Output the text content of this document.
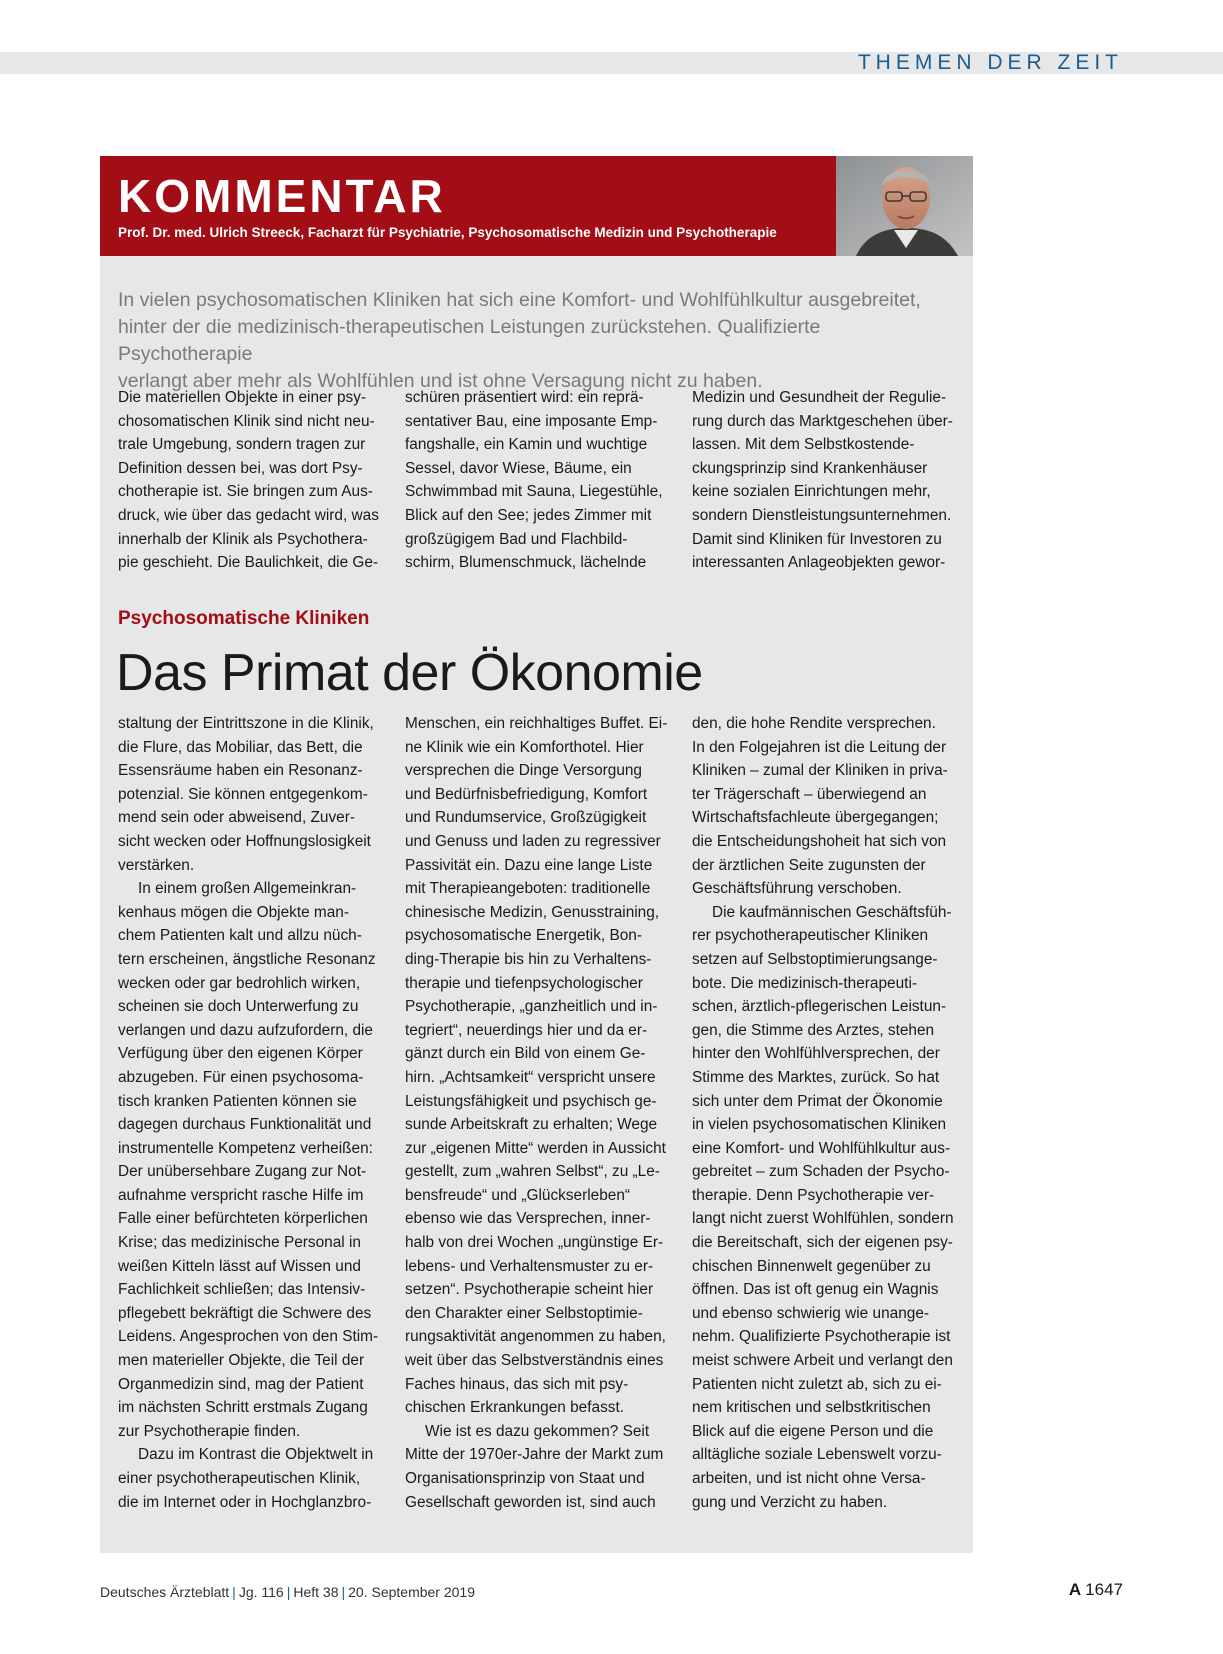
THEMEN DER ZEIT
KOMMENTAR
Prof. Dr. med. Ulrich Streeck, Facharzt für Psychiatrie, Psychosomatische Medizin und Psychotherapie
In vielen psychosomatischen Kliniken hat sich eine Komfort- und Wohlfühlkultur ausgebreitet,
hinter der die medizinisch-therapeutischen Leistungen zurückstehen. Qualifizierte Psychotherapie
verlangt aber mehr als Wohlfühlen und ist ohne Versagung nicht zu haben.

Die materiellen Objekte in einer psy-

chosomatischen Klinik sind nicht neu-

trale Umgebung, sondern tragen zur

Definition dessen bei, was dort Psy-

chotherapie ist. Sie bringen zum Aus-

druck, wie über das gedacht wird, was

innerhalb der Klinik als Psychothera-

pie geschieht. Die Baulichkeit, die Ge-

schüren präsentiert wird: ein reprä-

sentativer Bau, eine imposante Emp-

fangshalle, ein Kamin und wuchtige

Sessel, davor Wiese, Bäume, ein

Schwimmbad mit Sauna, Liegestühle,

Blick auf den See; jedes Zimmer mit

großzügigem Bad und Flachbild-

schirm, Blumenschmuck, lächelnde

Medizin und Gesundheit der Regulie-

rung durch das Marktgeschehen über-

lassen. Mit dem Selbstkostende-

ckungsprinzip sind Krankenhäuser

keine sozialen Einrichtungen mehr,

sondern Dienstleistungsunternehmen.

Damit sind Kliniken für Investoren zu

interessanten Anlageobjekten gewor-

Psychosomatische Kliniken
Das Primat der Ökonomie

staltung der Eintrittszone in die Klinik,

die Flure, das Mobiliar, das Bett, die

Essensräume haben ein Resonanz-

potenzial. Sie können entgegenkom-

mend sein oder abweisend, Zuver-

sicht wecken oder Hoffnungslosigkeit

verstärken.

In einem großen Allgemeinkran-

kenhaus mögen die Objekte man-

chem Patienten kalt und allzu nüch-

tern erscheinen, ängstliche Resonanz

wecken oder gar bedrohlich wirken,

scheinen sie doch Unterwerfung zu

verlangen und dazu aufzufordern, die

Verfügung über den eigenen Körper

abzugeben. Für einen psychosoma-

tisch kranken Patienten können sie

dagegen durchaus Funktionalität und

instrumentelle Kompetenz verheißen:

Der unübersehbare Zugang zur Not-

aufnahme verspricht rasche Hilfe im

Falle einer befürchteten körperlichen

Krise; das medizinische Personal in

weißen Kitteln lässt auf Wissen und

Fachlichkeit schließen; das Intensiv-

pflegebett bekräftigt die Schwere des

Leidens. Angesprochen von den Stim-

men materieller Objekte, die Teil der

Organmedizin sind, mag der Patient

im nächsten Schritt erstmals Zugang

zur Psychotherapie finden.

Dazu im Kontrast die Objektwelt in

einer psychotherapeutischen Klinik,

die im Internet oder in Hochglanzbro-

Menschen, ein reichhaltiges Buffet. Ei-

ne Klinik wie ein Komforthotel. Hier

versprechen die Dinge Versorgung

und Bedürfnisbefriedigung, Komfort

und Rundumservice, Großzügigkeit

und Genuss und laden zu regressiver

Passivität ein. Dazu eine lange Liste

mit Therapieangeboten: traditionelle

chinesische Medizin, Genusstraining,

psychosomatische Energetik, Bon-

ding-Therapie bis hin zu Verhaltens-

therapie und tiefenpsychologischer

Psychotherapie, „ganzheitlich und in-

tegriert“, neuerdings hier und da er-

gänzt durch ein Bild von einem Ge-

hirn. „Achtsamkeit“ verspricht unsere

Leistungsfähigkeit und psychisch ge-

sunde Arbeitskraft zu erhalten; Wege

zur „eigenen Mitte“ werden in Aussicht

gestellt, zum „wahren Selbst“, zu „Le-

bensfreude“ und „Glückserleben“

ebenso wie das Versprechen, inner-

halb von drei Wochen „ungünstige Er-

lebens- und Verhaltensmuster zu er-

setzen“. Psychotherapie scheint hier

den Charakter einer Selbstoptimie-

rungsaktivität angenommen zu haben,

weit über das Selbstverständnis eines

Faches hinaus, das sich mit psy-

chischen Erkrankungen befasst.

Wie ist es dazu gekommen? Seit

Mitte der 1970er-Jahre der Markt zum

Organisationsprinzip von Staat und

Gesellschaft geworden ist, sind auch

den, die hohe Rendite versprechen.

In den Folgejahren ist die Leitung der

Kliniken – zumal der Kliniken in priva-

ter Trägerschaft – überwiegend an

Wirtschaftsfachleute übergegangen;

die Entscheidungshoheit hat sich von

der ärztlichen Seite zugunsten der

Geschäftsführung verschoben.

Die kaufmännischen Geschäftsfüh-

rer psychotherapeutischer Kliniken

setzen auf Selbstoptimierungsange-

bote. Die medizinisch-therapeuti-

schen, ärztlich-pflegerischen Leistun-

gen, die Stimme des Arztes, stehen

hinter den Wohlfühlversprechen, der

Stimme des Marktes, zurück. So hat

sich unter dem Primat der Ökonomie

in vielen psychosomatischen Kliniken

eine Komfort- und Wohlfühlkultur aus-

gebreitet – zum Schaden der Psycho-

therapie. Denn Psychotherapie ver-

langt nicht zuerst Wohlfühlen, sondern

die Bereitschaft, sich der eigenen psy-

chischen Binnenwelt gegenüber zu

öffnen. Das ist oft genug ein Wagnis

und ebenso schwierig wie unange-

nehm. Qualifizierte Psychotherapie ist

meist schwere Arbeit und verlangt den

Patienten nicht zuletzt ab, sich zu ei-

nem kritischen und selbstkritischen

Blick auf die eigene Person und die

alltägliche soziale Lebenswelt vorzu-

arbeiten, und ist nicht ohne Versa-

gung und Verzicht zu haben.

Deutsches Ärzteblatt | Jg. 116 | Heft 38 | 20. September 2019	A 1647
